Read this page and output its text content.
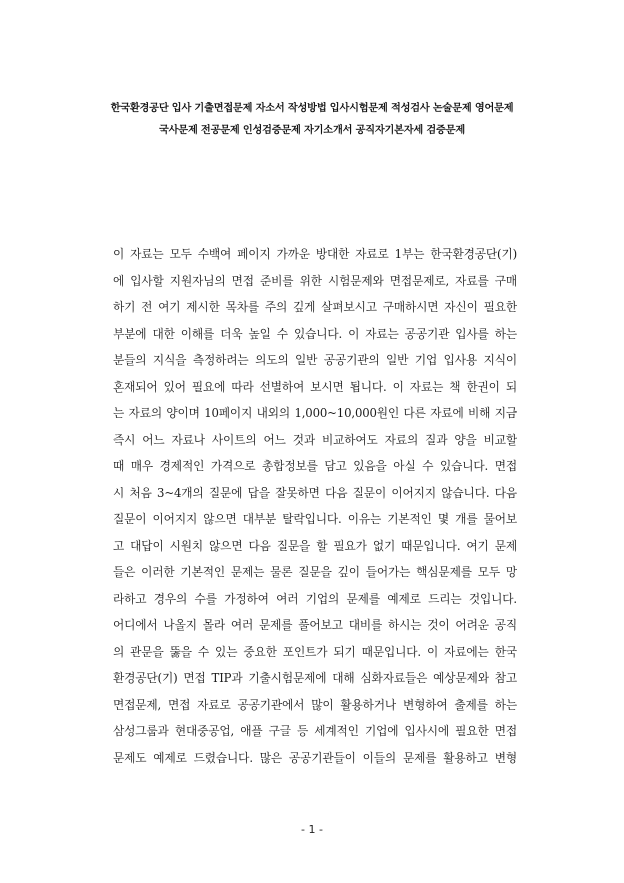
한국환경공단 입사 기출면접문제 자소서 작성방법 입사시험문제 적성검사 논술문제 영어문제
국사문제 전공문제 인성검증문제 자기소개서 공직자기본자세 검증문제
이 자료는 모두 수백여 페이지 가까운 방대한 자료로 1부는 한국환경공단(기)
에 입사할 지원자님의 면접 준비를 위한 시험문제와 면접문제로, 자료를 구매
하기 전 여기 제시한 목차를 주의 깊게 살펴보시고 구매하시면 자신이 필요한
부분에 대한 이해를 더욱 높일 수 있습니다. 이 자료는 공공기관 입사를 하는
분들의 지식을 측정하려는 의도의 일반 공공기관의 일반 기업 입사용 지식이
혼재되어 있어 필요에 따라 선별하여 보시면 됩니다. 이 자료는 책 한권이 되
는 자료의 양이며 10페이지 내외의 1,000~10,000원인 다른 자료에 비해 지금
즉시 어느 자료나 사이트의 어느 것과 비교하여도 자료의 질과 양을 비교할
때 매우 경제적인 가격으로 총합정보를 담고 있음을 아실 수 있습니다. 면접
시 처음 3~4개의 질문에 답을 잘못하면 다음 질문이 이어지지 않습니다. 다음
질문이 이어지지 않으면 대부분 탈락입니다. 이유는 기본적인 몇 개를 물어보
고 대답이 시원치 않으면 다음 질문을 할 필요가 없기 때문입니다. 여기 문제
들은 이러한 기본적인 문제는 물론 질문을 깊이 들어가는 핵심문제를 모두 망
라하고 경우의 수를 가정하여 여러 기업의 문제를 예제로 드리는 것입니다.
어디에서 나올지 몰라 여러 문제를 풀어보고 대비를 하시는 것이 어려운 공직
의 관문을 뚫을 수 있는 중요한 포인트가 되기 때문입니다. 이 자료에는 한국
환경공단(기) 면접 TIP과 기출시험문제에 대해 심화자료들은 예상문제와 참고
면접문제, 면접 자료로 공공기관에서 많이 활용하거나 변형하여 출제를 하는
삼성그룹과 현대중공업, 애플 구글 등 세계적인 기업에 입사시에 필요한 면접
문제도 예제로 드렸습니다. 많은 공공기관들이 이들의 문제를 활용하고 변형
- 1 -
